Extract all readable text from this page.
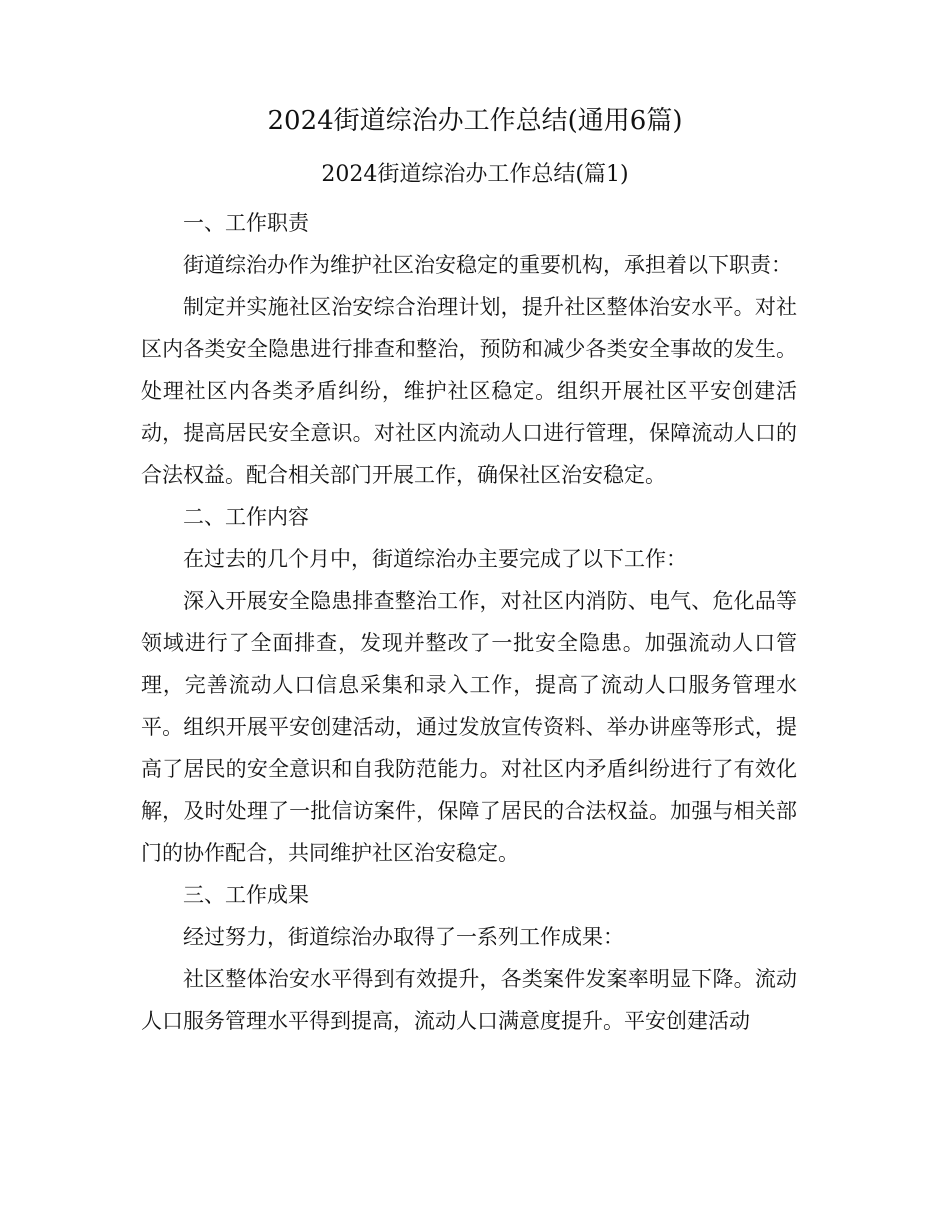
2024街道综治办工作总结(通用6篇)
2024街道综治办工作总结(篇1)

一、工作职责

街道综治办作为维护社区治安稳定的重要机构，承担着以下职责：

制定并实施社区治安综合治理计划，提升社区整体治安水平。对社区内各类安全隐患进行排查和整治，预防和减少各类安全事故的发生。处理社区内各类矛盾纠纷，维护社区稳定。组织开展社区平安创建活动，提高居民安全意识。对社区内流动人口进行管理，保障流动人口的合法权益。配合相关部门开展工作，确保社区治安稳定。

二、工作内容

在过去的几个月中，街道综治办主要完成了以下工作：

深入开展安全隐患排查整治工作，对社区内消防、电气、危化品等领域进行了全面排查，发现并整改了一批安全隐患。加强流动人口管理，完善流动人口信息采集和录入工作，提高了流动人口服务管理水平。组织开展平安创建活动，通过发放宣传资料、举办讲座等形式，提高了居民的安全意识和自我防范能力。对社区内矛盾纠纷进行了有效化解，及时处理了一批信访案件，保障了居民的合法权益。加强与相关部门的协作配合，共同维护社区治安稳定。

三、工作成果

经过努力，街道综治办取得了一系列工作成果：

社区整体治安水平得到有效提升，各类案件发案率明显下降。流动人口服务管理水平得到提高，流动人口满意度提升。平安创建活动
